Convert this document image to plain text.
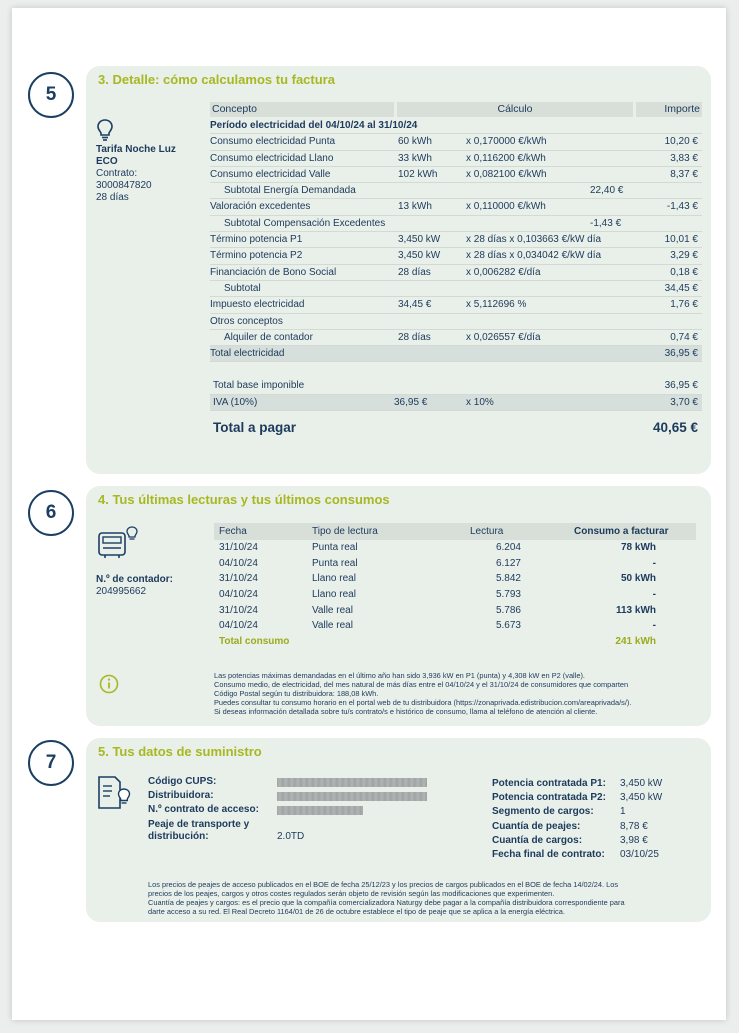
5
6
7
3. Detalle: cómo calculamos tu factura
Tarifa Noche Luz
ECO
Contrato:
3000847820
28 días
Concepto	Cálculo	Importe
Período electricidad del 04/10/24 al 31/10/24
Consumo electricidad Punta	60 kWh	x 0,170000 €/kWh	10,20 €
Consumo electricidad Llano	33 kWh	x 0,116200 €/kWh	3,83 €
Consumo electricidad Valle	102 kWh	x 0,082100 €/kWh	8,37 €
Subtotal Energía Demandada	22,40 €
Valoración excedentes	13 kWh	x 0,110000 €/kWh	-1,43 €
Subtotal Compensación Excedentes	-1,43 €
Término potencia P1	3,450 kW	x 28 días x 0,103663 €/kW día	10,01 €
Término potencia P2	3,450 kW	x 28 días x 0,034042 €/kW día	3,29 €
Financiación de Bono Social	28 días	x 0,006282 €/día	0,18 €
Subtotal	34,45 €
Impuesto electricidad	34,45 €	x 5,112696 %	1,76 €
Otros conceptos
Alquiler de contador	28 días	x 0,026557 €/día	0,74 €
Total electricidad	36,95 €
Total base imponible	36,95 €
IVA (10%)	36,95 €	x 10%	3,70 €
Total a pagar	40,65 €
4. Tus últimas lecturas y tus últimos consumos
N.º de contador:
204995662
Fecha	Tipo de lectura	Lectura	Consumo a facturar
31/10/24	Punta real	6.204	78 kWh
04/10/24	Punta real	6.127	-
31/10/24	Llano real	5.842	50 kWh
04/10/24	Llano real	5.793	-
31/10/24	Valle real	5.786	113 kWh
04/10/24	Valle real	5.673	-
Total consumo	241 kWh
Las potencias máximas demandadas en el último año han sido 3,936 kW en P1 (punta) y 4,308 kW en P2 (valle).
Consumo medio, de electricidad, del mes natural de más días entre el 04/10/24 y el 31/10/24 de consumidores que comparten
Código Postal según tu distribuidora: 188,08 kWh.
Puedes consultar tu consumo horario en el portal web de tu distribuidora (https://zonaprivada.edistribucion.com/areaprivada/s/).
Si deseas información detallada sobre tu/s contrato/s e histórico de consumo, llama al teléfono de atención al cliente.
5. Tus datos de suministro
Código CUPS:
Distribuidora:
N.º contrato de acceso:
Peaje de transporte y
distribución:	2.0TD
Potencia contratada P1: 3,450 kW
Potencia contratada P2: 3,450 kW
Segmento de cargos:	1
Cuantía de peajes:	8,78 €
Cuantía de cargos:	3,98 €
Fecha final de contrato: 03/10/25
Los precios de peajes de acceso publicados en el BOE de fecha 25/12/23 y los precios de cargos publicados en el BOE de fecha 14/02/24. Los
precios de los peajes, cargos y otros costes regulados serán objeto de revisión según las modificaciones que experimenten.
Cuantía de peajes y cargos: es el precio que la compañía comercializadora Naturgy debe pagar a la compañía distribuidora correspondiente para
darte acceso a su red. El Real Decreto 1164/01 de 26 de octubre establece el tipo de peaje que se aplica a la energía eléctrica.
